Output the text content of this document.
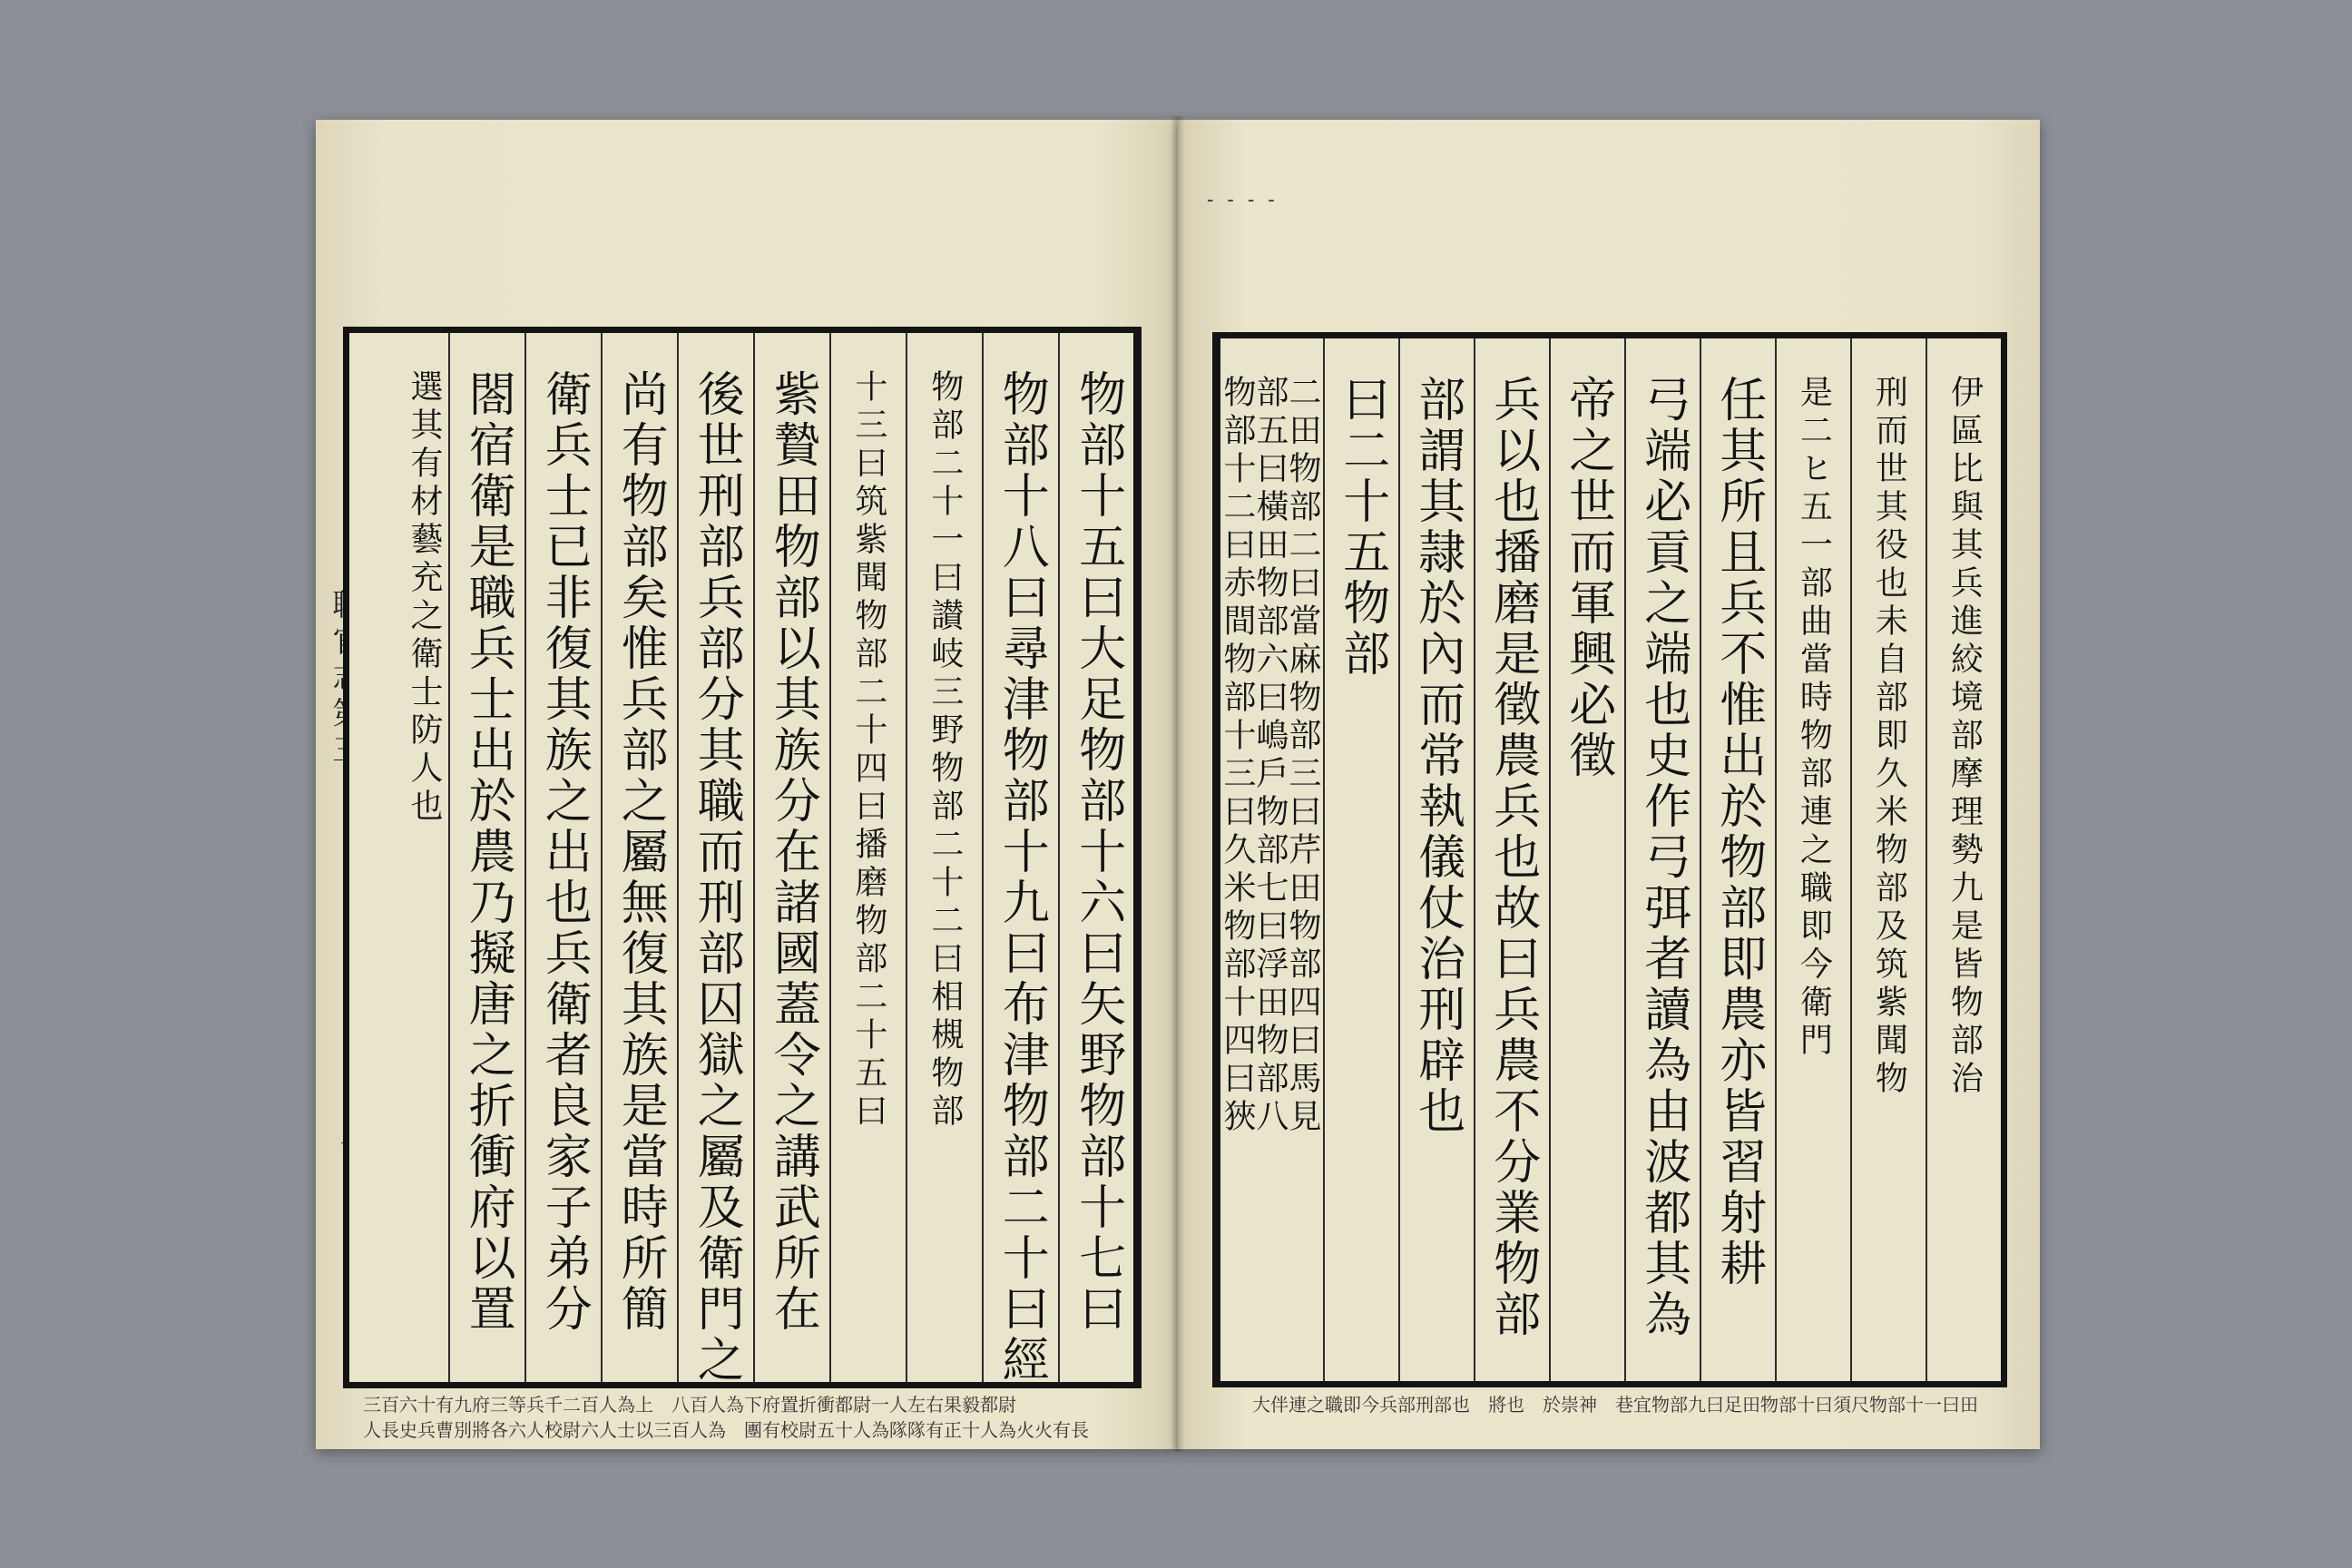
‐ ‐ ‐ ‐
物部十五曰大足物部十六曰矢野物部十七曰
物部十八曰尋津物部十九曰布津物部二十曰經
物部二十一曰讃岐三野物部二十二曰相槻物部
十三曰筑紫聞物部二十四曰播磨物部二十五曰
紫贄田物部以其族分在諸國蓋令之講武所在
後世刑部兵部分其職而刑部囚獄之屬及衛門之
尚有物部矣惟兵部之屬無復其族是當時所簡
衛兵士已非復其族之出也兵衛者良家子弟分
閤宿衛是職兵士出於農乃擬唐之折衝府以置
選其有材藝充之衛士防人也	伊區比與其兵進絞境部摩理勢九是皆物部治
刑而世其役也未自部即久米物部及筑紫聞物
是二ヒ五一部曲當時物部連之職即今衛門
任其所且兵不惟出於物部即農亦皆習射耕
弓端必貢之端也史作弓弭者讀為由波都其為
帝之世而軍興必徵
兵以也播磨是徵農兵也故曰兵農不分業物部
部謂其隷於內而常執儀仗治刑辟也
曰二十五物部
二田物部二曰當麻物部三曰芹田物部四曰馬見
部五曰橫田物部六曰嶋戶物部七曰浮田物部八
物部十二曰赤間物部十三曰久米物部十四曰狹
大伴連之職即今兵部刑部也 將也 於崇神 巷宜物部九曰足田物部十曰須尺物部十一曰田
三百六十有九府三等兵千二百人為上 八百人為下府置折衝都尉一人左右果毅都尉
人長史兵曹別將各六人校尉六人士以三百人為 團有校尉五十人為隊隊有正十人為火火有長
